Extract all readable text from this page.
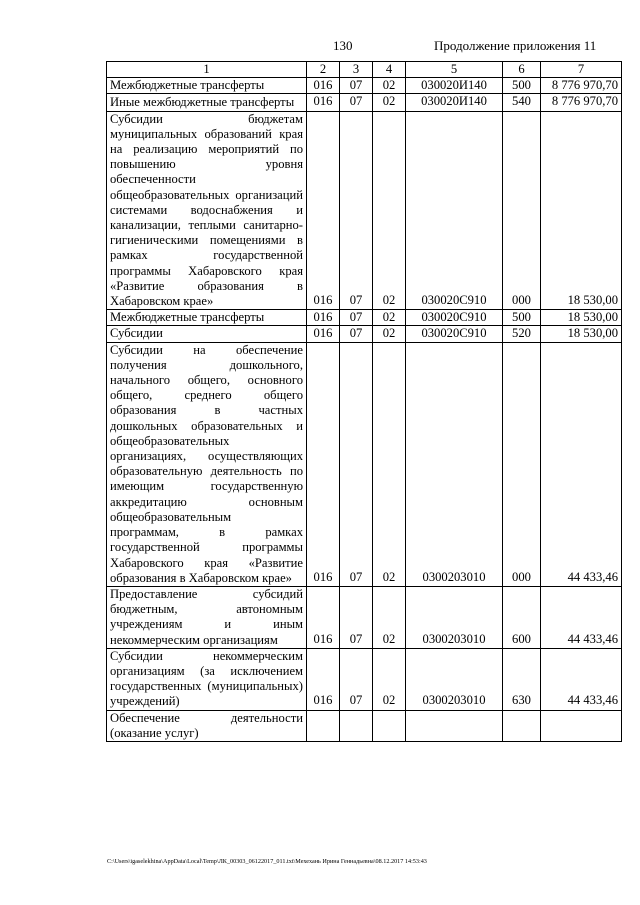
130	Продолжение приложения 11
1	2	3	4	5	6	7
Межбюджетные трансферты	016	07	02	030020И140	500	8 776 970,70
Иные межбюджетные трансферты	016	07	02	030020И140	540	8 776 970,70
Субсидии бюджетам муниципальных образований края на реализацию мероприятий по повышению уровня обеспеченности общеобразовательных организаций системами водоснабжения и канализации, теплыми санитарно-гигиеническими помещениями в рамках государственной программы Хабаровского края «Развитие образования в Хабаровском крае»	016	07	02	030020С910	000	18 530,00
Межбюджетные трансферты	016	07	02	030020С910	500	18 530,00
Субсидии	016	07	02	030020С910	520	18 530,00
Субсидии на обеспечение получения дошкольного, начального общего, основного общего, среднего общего образования в частных дошкольных образовательных и общеобразовательных организациях, осуществляющих образовательную деятельность по имеющим государственную аккредитацию основным общеобразовательным программам, в рамках государственной программы Хабаровского края «Развитие образования в Хабаровском крае»	016	07	02	0300203010	000	44 433,46
Предоставление субсидий бюджетным, автономным учреждениям и иным некоммерческим организациям	016	07	02	0300203010	600	44 433,46
Субсидии некоммерческим организациям (за исключением государственных (муниципальных) учреждений)	016	07	02	0300203010	630	44 433,46
Обеспечение деятельности (оказание услуг)						
C:\Users\igaselekhina\AppData\Local\Temp\ЛК_00303_06122017_011.txt\Мехехань Ирина Геннадьевна\08.12.2017 14:53:43
